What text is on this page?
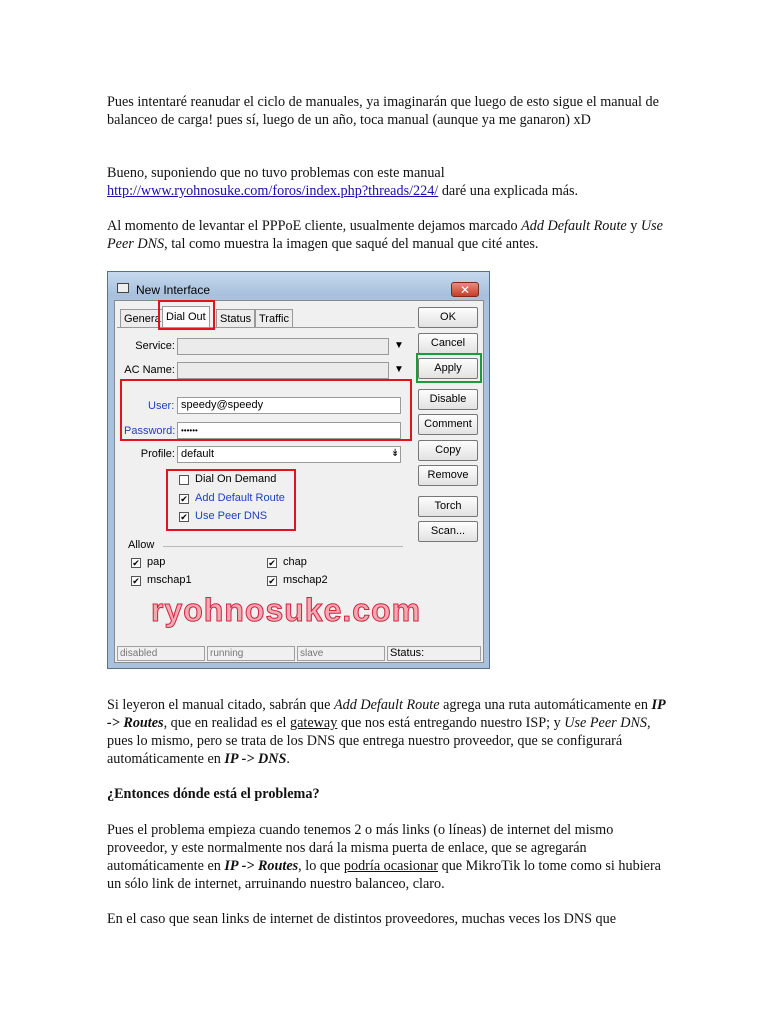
Pues intentaré reanudar el ciclo de manuales, ya imaginarán que luego de esto sigue el manual de balanceo de carga! pues sí, luego de un año, toca manual (aunque ya me ganaron) xD

Bueno, suponiendo que no tuvo problemas con este manual
http://www.ryohnosuke.com/foros/index.php?threads/224/ daré una explicada más.

Al momento de levantar el PPPoE cliente, usualmente dejamos marcado Add Default Route y Use Peer DNS, tal como muestra la imagen que saqué del manual que cité antes.

New Interface	✕
Genera Dial Out	Status Traffic
Service:	▼
AC Name:	▼
User: speedy@speedy
Password: ••••••
Profile: default	↡
Dial On Demand
✔ Add Default Route
✔ Use Peer DNS
Allow
✔ pap	✔ chap
✔ mschap1	✔ mschap2
OK
Cancel
Apply
Disable
Comment
Copy
Remove
Torch
Scan...
ryohnosuke.com
disabled	running	slave	Status:

Si leyeron el manual citado, sabrán que Add Default Route agrega una ruta automáticamente en IP -> Routes, que en realidad es el gateway que nos está entregando nuestro ISP; y Use Peer DNS, pues lo mismo, pero se trata de los DNS que entrega nuestro proveedor, que se configurará automáticamente en IP -> DNS.

¿Entonces dónde está el problema?

Pues el problema empieza cuando tenemos 2 o más links (o líneas) de internet del mismo proveedor, y este normalmente nos dará la misma puerta de enlace, que se agregarán automáticamente en IP -> Routes, lo que podría ocasionar que MikroTik lo tome como si hubiera un sólo link de internet, arruinando nuestro balanceo, claro.

En el caso que sean links de internet de distintos proveedores, muchas veces los DNS que
